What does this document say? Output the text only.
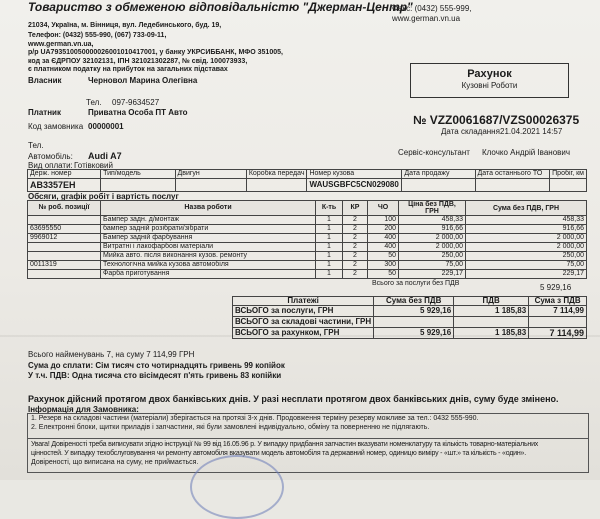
Товариство з обмеженою відповідальністю "Джерман-Центр"
Факс: (0432) 555-999,
www.german.vn.ua
21034, Україна, м. Вінниця, вул. Ледебинського, буд. 19,
Телефон: (0432) 555-990, (067) 733-09-11,
www.german.vn.ua,
р/р UA793510050000026001010417001, у банку УКРСИББАНК, МФО 351005,
код за ЄДРПОУ 32102131, ІПН 321021302287, № свід. 100073933,
є платником податку на прибуток на загальних підставах
Власник	Черновол Марина Олегівна
Тел. 097-9634527
Платник	Приватна Особа ПТ Авто
Код замовника 00000001
Тел.
Автомобіль: Audi A7
Вид оплати: Готівковий
Рахунок
Кузовні Роботи
№ VZZ0061687/VZS00026375
Дата складання 21.04.2021 14:57
Сервіс-консультант Клочко Андрій Іванович
Держ. номер	Тип/модель	Двигун	Коробка передач	Номер кузова	Дата продажу	Дата останнього ТО	Пробіг, км
AB3357EH				WAUSGBFC5CN029080			
Обсяги, graфік робіт і вартість послуг
№ роб. позиції	Назва роботи	К-ть	КР	ЧО	Ціна без ПДВ, ГРН	Сума без ПДВ, ГРН
	Бампер задн. д/монтаж	1	2	100	458,33	458,33
63695550	бампер задній розібрати/зібрати	1	2	200	916,66	916,66
9969012	Бампер задній фарбування	1	2	400	2 000,00	2 000,00
	Витратні і лакофарбові матеріали	1	2	400	2 000,00	2 000,00
	Мийка авто. після виконання кузов. ремонту	1	2	50	250,00	250,00
0011319	Технологічна мийка кузова автомобіля	1	2	300	75,00	75,00
	Фарба приготування	1	2	50	229,17	229,17
Всього за послуги без ПДВ	5 929,16
Платежі	Сума без ПДВ	ПДВ	Сума з ПДВ
ВСЬОГО за послуги, ГРН	5 929,16	1 185,83	7 114,99
ВСЬОГО за складові частини, ГРН			
ВСЬОГО за рахунком, ГРН	5 929,16	1 185,83	7 114,99
Всього найменувань 7, на суму 7 114,99 ГРН
Сума до сплати: Сім тисяч сто чотирнадцять гривень 99 копійок
У т.ч. ПДВ: Одна тисяча сто вісімдесят п'ять гривень 83 копійки
Рахунок дійсний протягом двох банківських днів. У разі несплати протягом двох банківських днів, суму буде змінено.
Інформація для Замовника:
1. Резерв на складові частини (матеріали) зберігається на протязі 3-х днів. Продовження терміну резерву можливе за тел.: 0432 555-990.
2. Електронні блоки, щитки приладів і запчастини, які були замовлені індивідуально, обміну та поверненню не підлягають.
Увага! Довіреності треба виписувати згідно інструкції № 99 від 16.05.96 р. У випадку придбання запчастин вказувати номенклатуру та кількість товарно-матеріальних
цінностей. У випадку техобслуговування чи ремонту автомобіля вказувати модель автомобіля та державний номер, одиницю виміру - «шт.» та кількість - «один».
Довіреності, що виписана на суму, не приймається.
